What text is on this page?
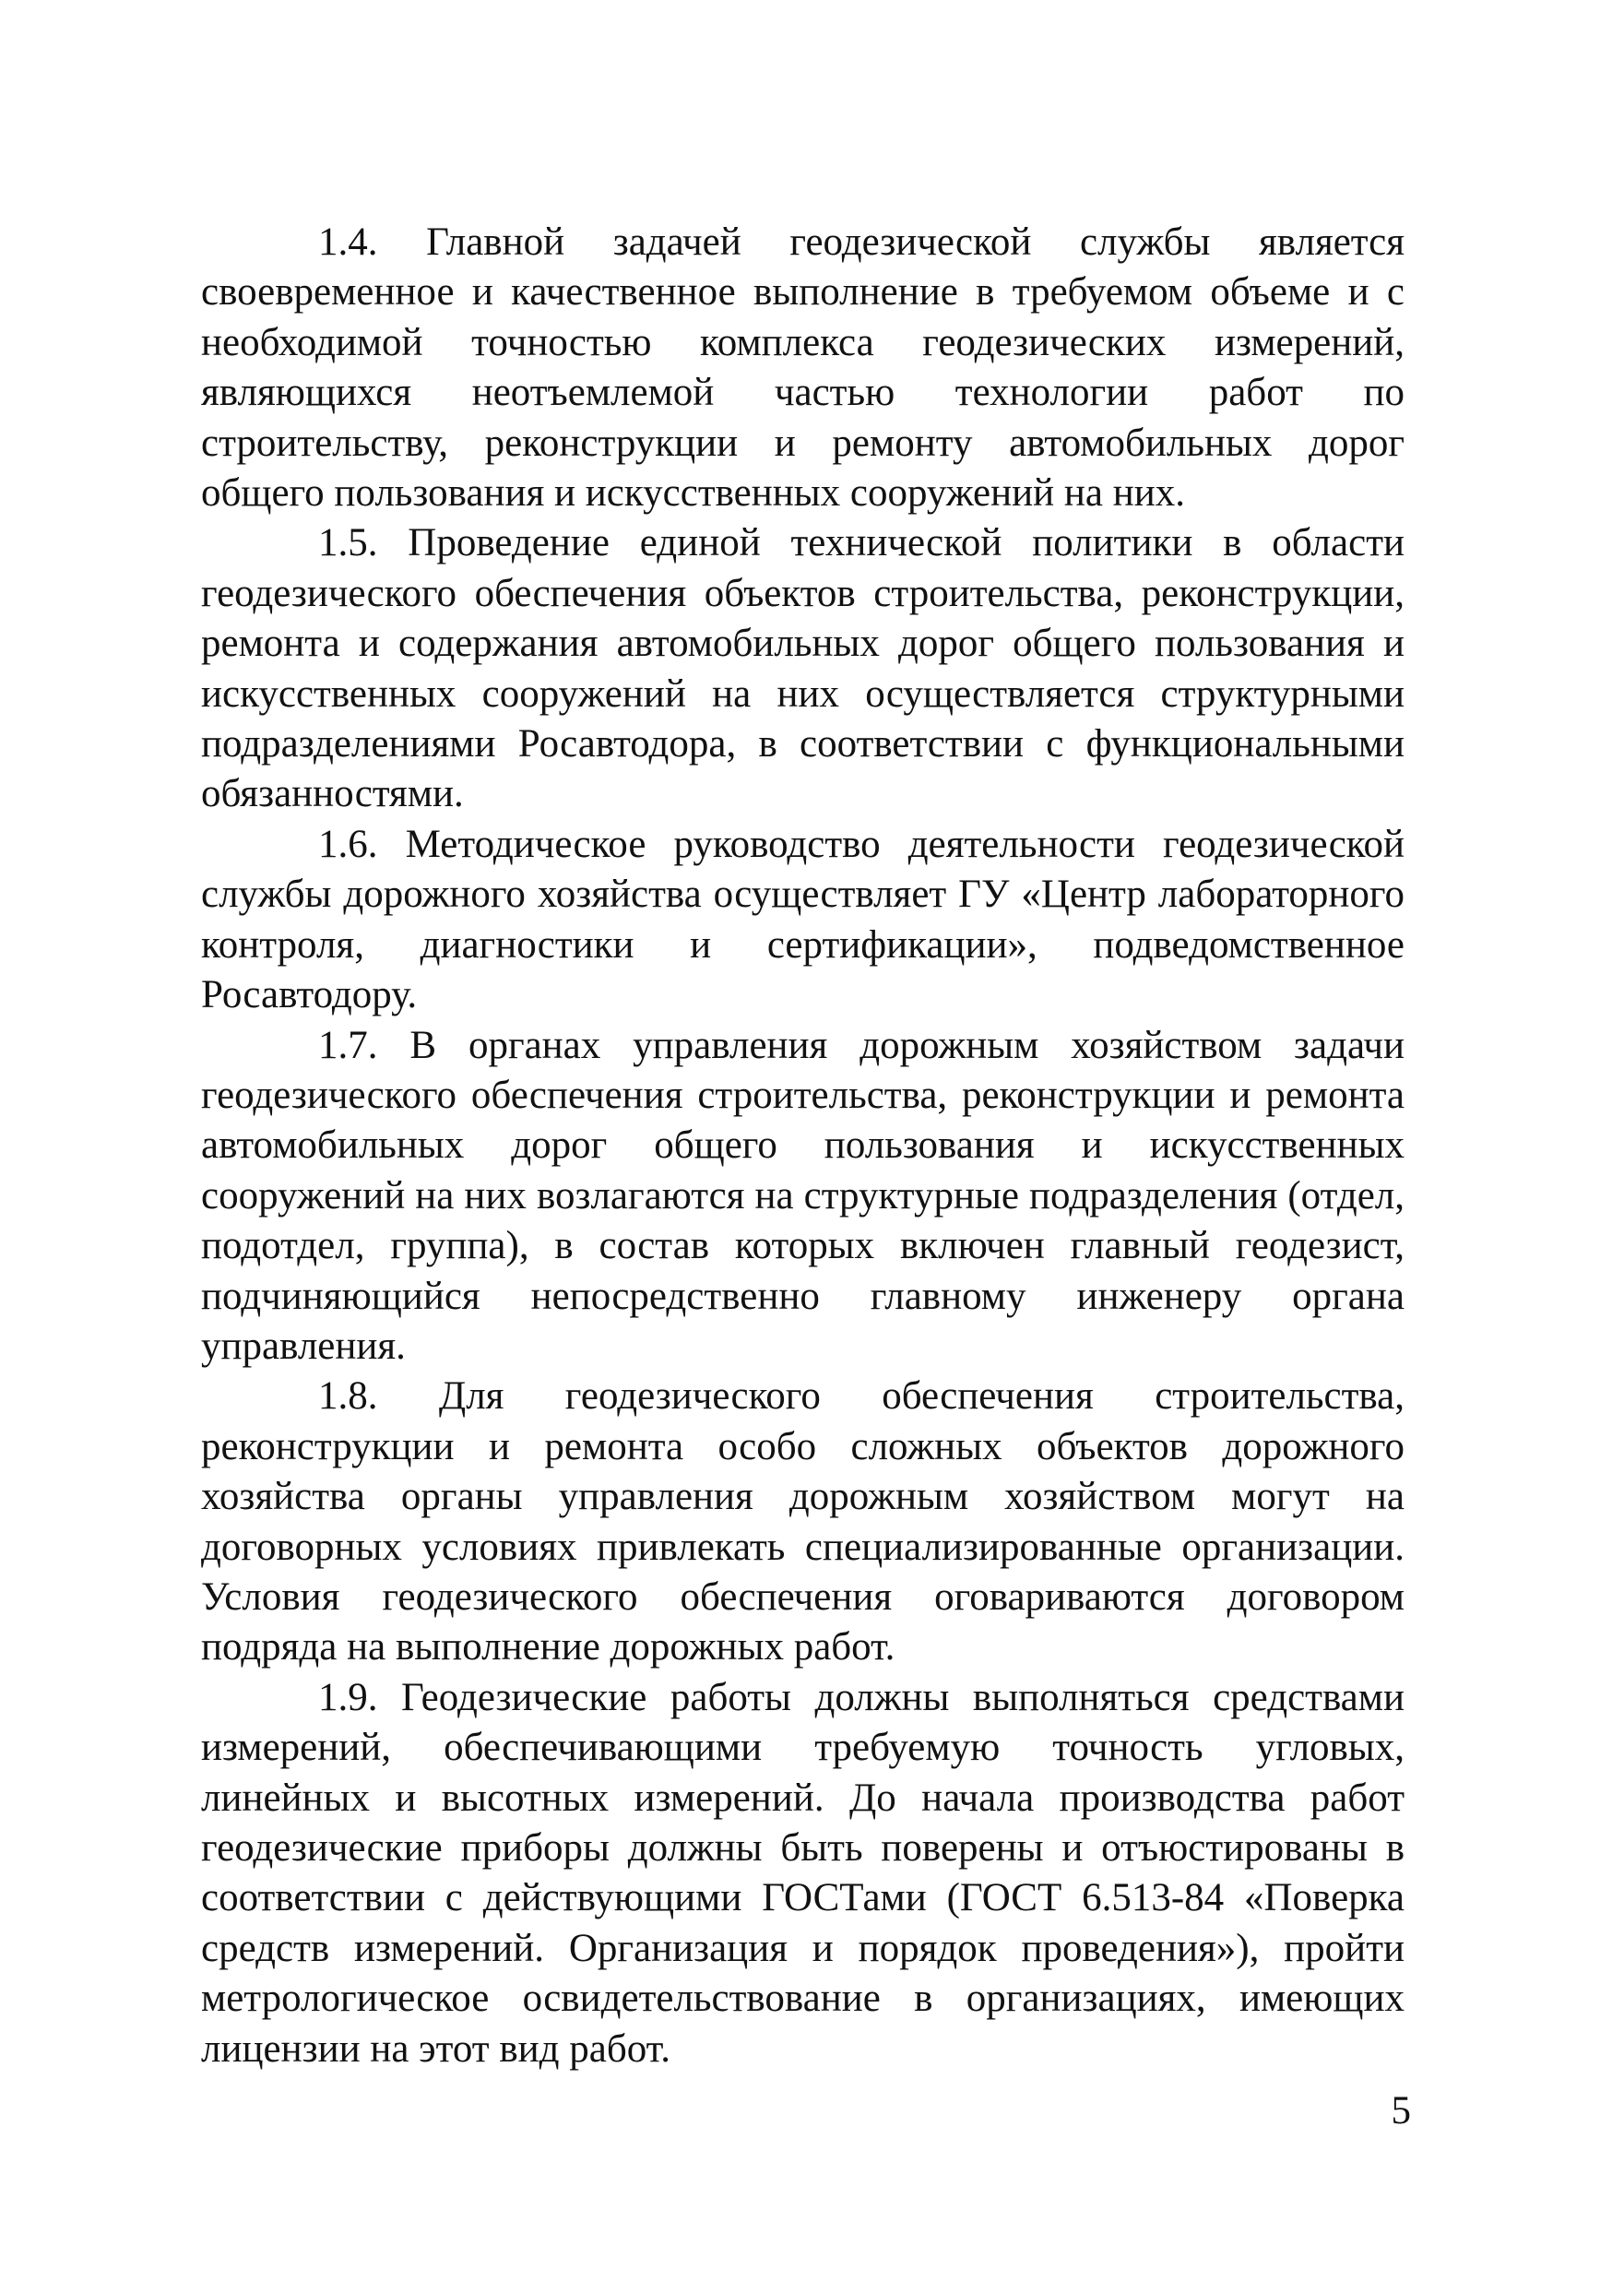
1.4. Главной задачей геодезической службы является своевременное и качественное выполнение в требуемом объеме и с необходимой точностью комплекса геодезических измерений, являющихся неотъемлемой частью технологии работ по строительству, реконструкции и ремонту автомобильных дорог общего пользования и искусственных сооружений на них.

1.5. Проведение единой технической политики в области геодезического обеспечения объектов строительства, реконструкции, ремонта и содержания автомобильных дорог общего пользования и искусственных сооружений на них осуществляется структурными подразделениями Росавтодора, в соответствии с функциональными обязанностями.

1.6. Методическое руководство деятельности геодезической службы дорожного хозяйства осуществляет ГУ «Центр лабораторного контроля, диагностики и сертификации», подведомственное Росавтодору.

1.7. В органах управления дорожным хозяйством задачи геодезического обеспечения строительства, реконструкции и ремонта автомобильных дорог общего пользования и искусственных сооружений на них возлагаются на структурные подразделения (отдел, подотдел, группа), в состав которых включен главный геодезист, подчиняющийся непосредственно главному инженеру органа управления.

1.8. Для геодезического обеспечения строительства, реконструкции и ремонта особо сложных объектов дорожного хозяйства органы управления дорожным хозяйством могут на договорных условиях привлекать специализированные организации. Условия геодезического обеспечения оговариваются договором подряда на выполнение дорожных работ.

1.9. Геодезические работы должны выполняться средствами измерений, обеспечивающими требуемую точность угловых, линейных и высотных измерений. До начала производства работ геодезические приборы должны быть поверены и отъюстированы в соответствии с действующими ГОСТами (ГОСТ 6.513-84 «Поверка средств измерений. Организация и порядок проведения»), пройти метрологическое освидетельствование в организациях, имеющих лицензии на этот вид работ.

5
